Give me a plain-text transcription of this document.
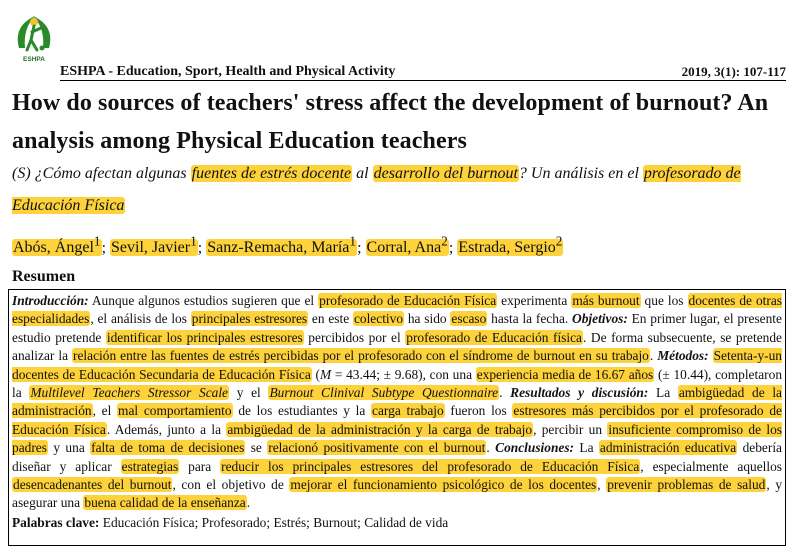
ESHPA
ESHPA - Education, Sport, Health and Physical Activity	2019, 3(1): 107-117
How do sources of teachers' stress affect the development of burnout? An analysis among Physical Education teachers
(S) ¿Cómo afectan algunas fuentes de estrés docente al desarrollo del burnout? Un análisis en el profesorado de Educación Física
Abós, Ángel$^1$; Sevil, Javier$^1$; Sanz-Remacha, María$^1$; Corral, Ana$^2$; Estrada, Sergio$^2$
Resumen
Introducción: Aunque algunos estudios sugieren que el profesorado de Educación Física experimenta más burnout que los docentes de otras especialidades, el análisis de los principales estresores en este colectivo ha sido escaso hasta la fecha. Objetivos: En primer lugar, el presente estudio pretende identificar los principales estresores percibidos por el profesorado de Educación física. De forma subsecuente, se pretende analizar la relación entre las fuentes de estrés percibidas por el profesorado con el síndrome de burnout en su trabajo. Métodos: Setenta-y-un docentes de Educación Secundaria de Educación Física (M = 43.44; ± 9.68), con una experiencia media de 16.67 años (± 10.44), completaron la Multilevel Teachers Stressor Scale y el Burnout Clinival Subtype Questionnaire. Resultados y discusión: La ambigüedad de la administración, el mal comportamiento de los estudiantes y la carga trabajo fueron los estresores más percibidos por el profesorado de Educación Física. Además, junto a la ambigüedad de la administración y la carga de trabajo, percibir un insuficiente compromiso de los padres y una falta de toma de decisiones se relacionó positivamente con el burnout. Conclusiones: La administración educativa debería diseñar y aplicar estrategias para reducir los principales estresores del profesorado de Educación Física, especialmente aquellos desencadenantes del burnout, con el objetivo de mejorar el funcionamiento psicológico de los docentes, prevenir problemas de salud, y asegurar una buena calidad de la enseñanza.
Palabras clave: Educación Física; Profesorado; Estrés; Burnout; Calidad de vida
